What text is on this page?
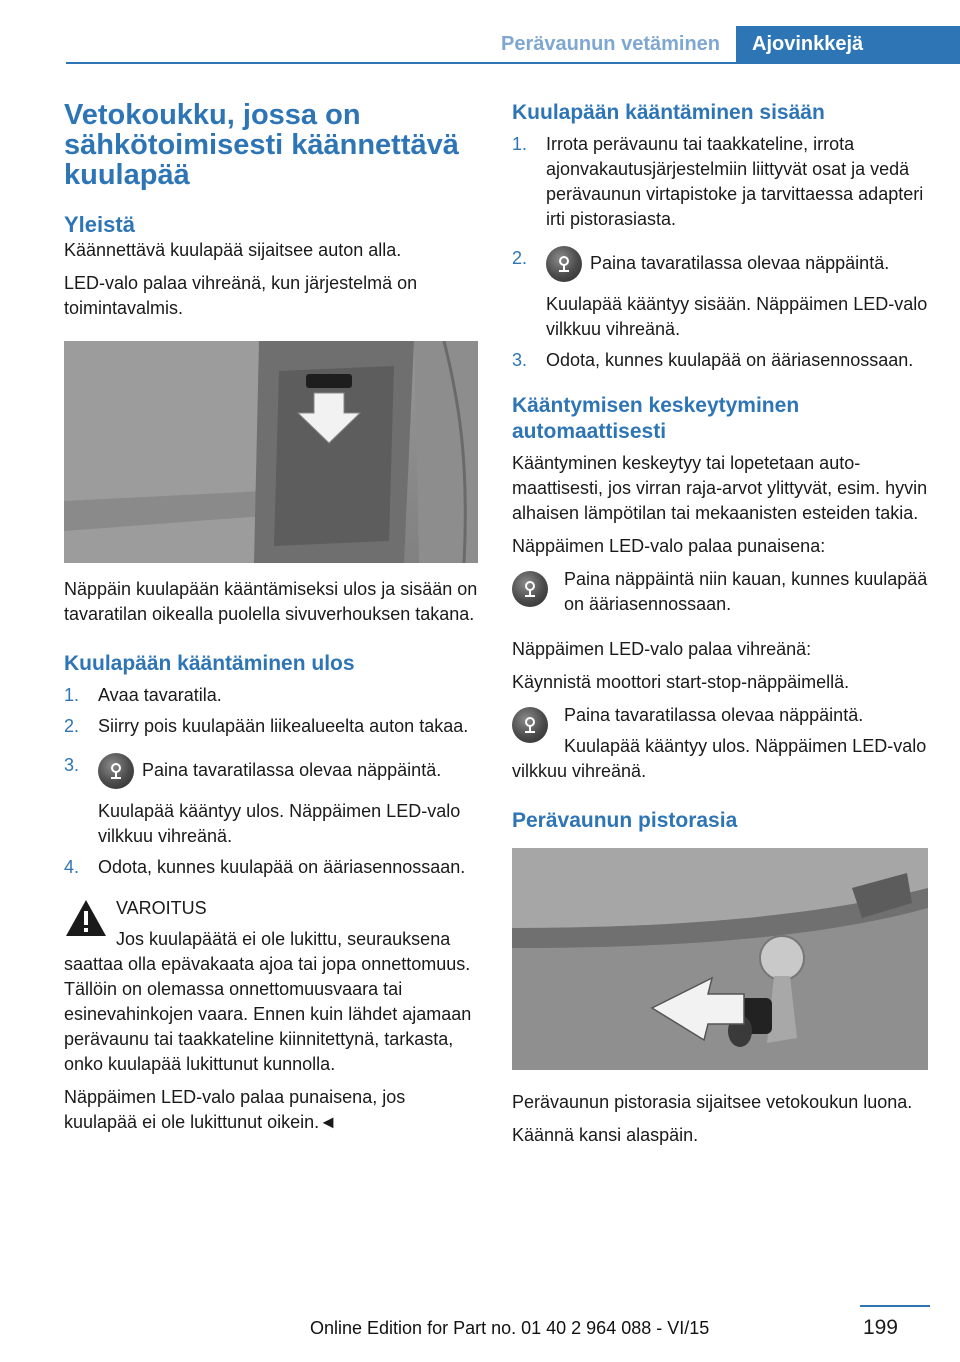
Perävaunun vetäminen	Ajovinkkejä
Vetokoukku, jossa on sähkötoimisesti käännettävä kuulapää
Yleistä

Käännettävä kuulapää sijaitsee auton alla.

LED-valo palaa vihreänä, kun järjestelmä on toimintavalmis.

Näppäin kuulapään kääntämiseksi ulos ja sisään on tavaratilan oikealla puolella sivuverhouksen takana.

Kuulapään kääntäminen ulos
1. Avaa tavaratila.
2. Siirry pois kuulapään liikealueelta auton takaa.
3.	Paina tavaratilassa olevaa näppäintä.
Kuulapää kääntyy ulos. Näppäimen LED-valo vilkkuu vihreänä.
4. Odota, kunnes kuulapää on ääriasennossaan.

VAROITUS

Jos kuulapäätä ei ole lukittu, seurauksena saattaa olla epävakaata ajoa tai jopa onnettomuus. Tällöin on olemassa onnettomuusvaara tai esinevahinkojen vaara. Ennen kuin lähdet ajamaan perävaunu tai taakkateline kiinnitettynä, tarkasta, onko kuulapää lukittunut kunnolla.

Näppäimen LED-valo palaa punaisena, jos kuulapää ei ole lukittunut oikein.◄

Kuulapään kääntäminen sisään
1. Irrota perävaunu tai taakkateline, irrota ajonvakautusjärjestelmiin liittyvät osat ja vedä perävaunun virtapistoke ja tarvittaessa adapteri irti pistorasiasta.
2.	Paina tavaratilassa olevaa näppäintä.
Kuulapää kääntyy sisään. Näppäimen LED-valo vilkkuu vihreänä.
3. Odota, kunnes kuulapää on ääriasennossaan.
Kääntymisen keskeytyminen automaattisesti

Kääntyminen keskeytyy tai lopetetaan automaattisesti, jos virran raja-arvot ylittyvät, esim. hyvin alhaisen lämpötilan tai mekaanisten esteiden takia.

Näppäimen LED-valo palaa punaisena:

Paina näppäintä niin kauan, kunnes kuulapää on ääriasennossaan.

Näppäimen LED-valo palaa vihreänä:

Käynnistä moottori start-stop-näppäimellä.

Paina tavaratilassa olevaa näppäintä.

Kuulapää kääntyy ulos. Näppäimen LED-valo vilkkuu vihreänä.

Perävaunun pistorasia

Perävaunun pistorasia sijaitsee vetokoukun luona.

Käännä kansi alaspäin.

199
Online Edition for Part no. 01 40 2 964 088 - VI/15
